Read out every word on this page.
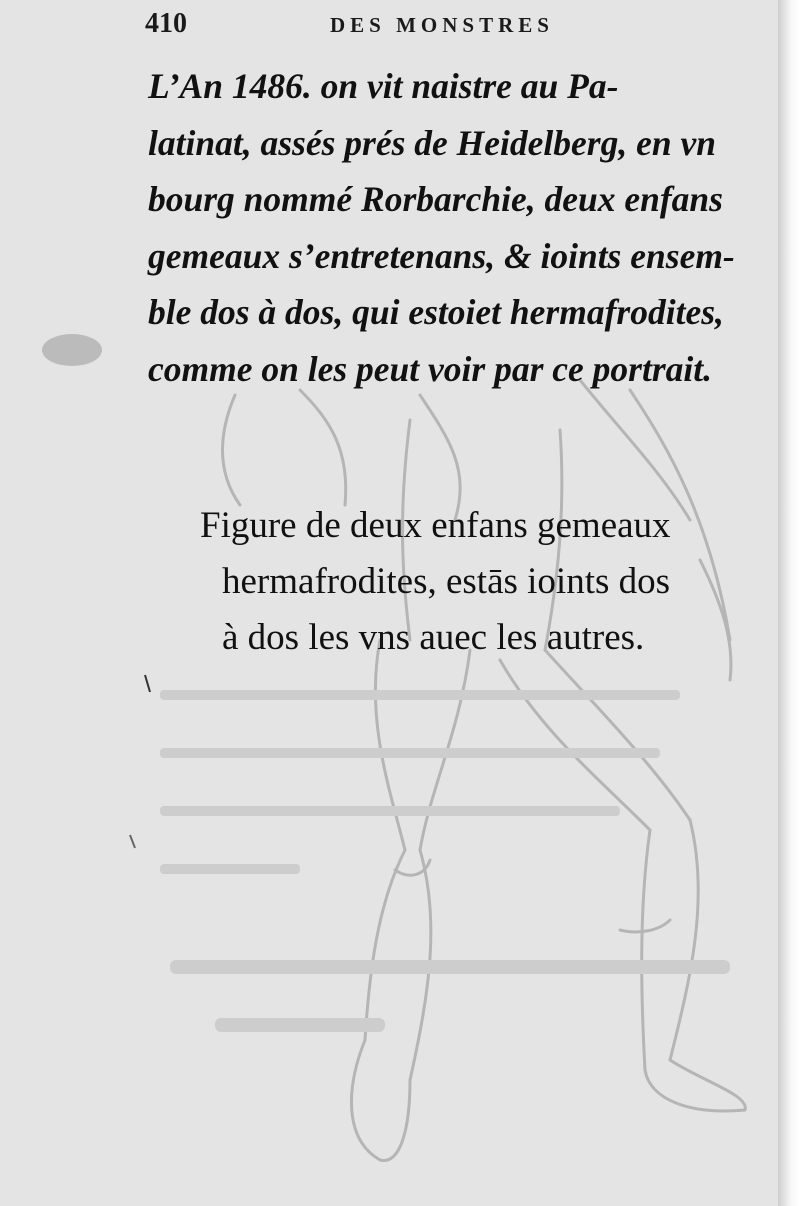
410	DES MONSTRES
L’An 1486. on vit naistre au Pa-
latinat, assés prés de Heidelberg, en vn
bourg nommé Rorbarchie, deux enfans
gemeaux s’entretenans, & ioints ensem-
ble dos à dos, qui estoiet hermafrodites,
comme on les peut voir par ce portrait.
Figure de deux enfans gemeaux
hermafrodites, estās ioints dos
à dos les vns auec les autres.
